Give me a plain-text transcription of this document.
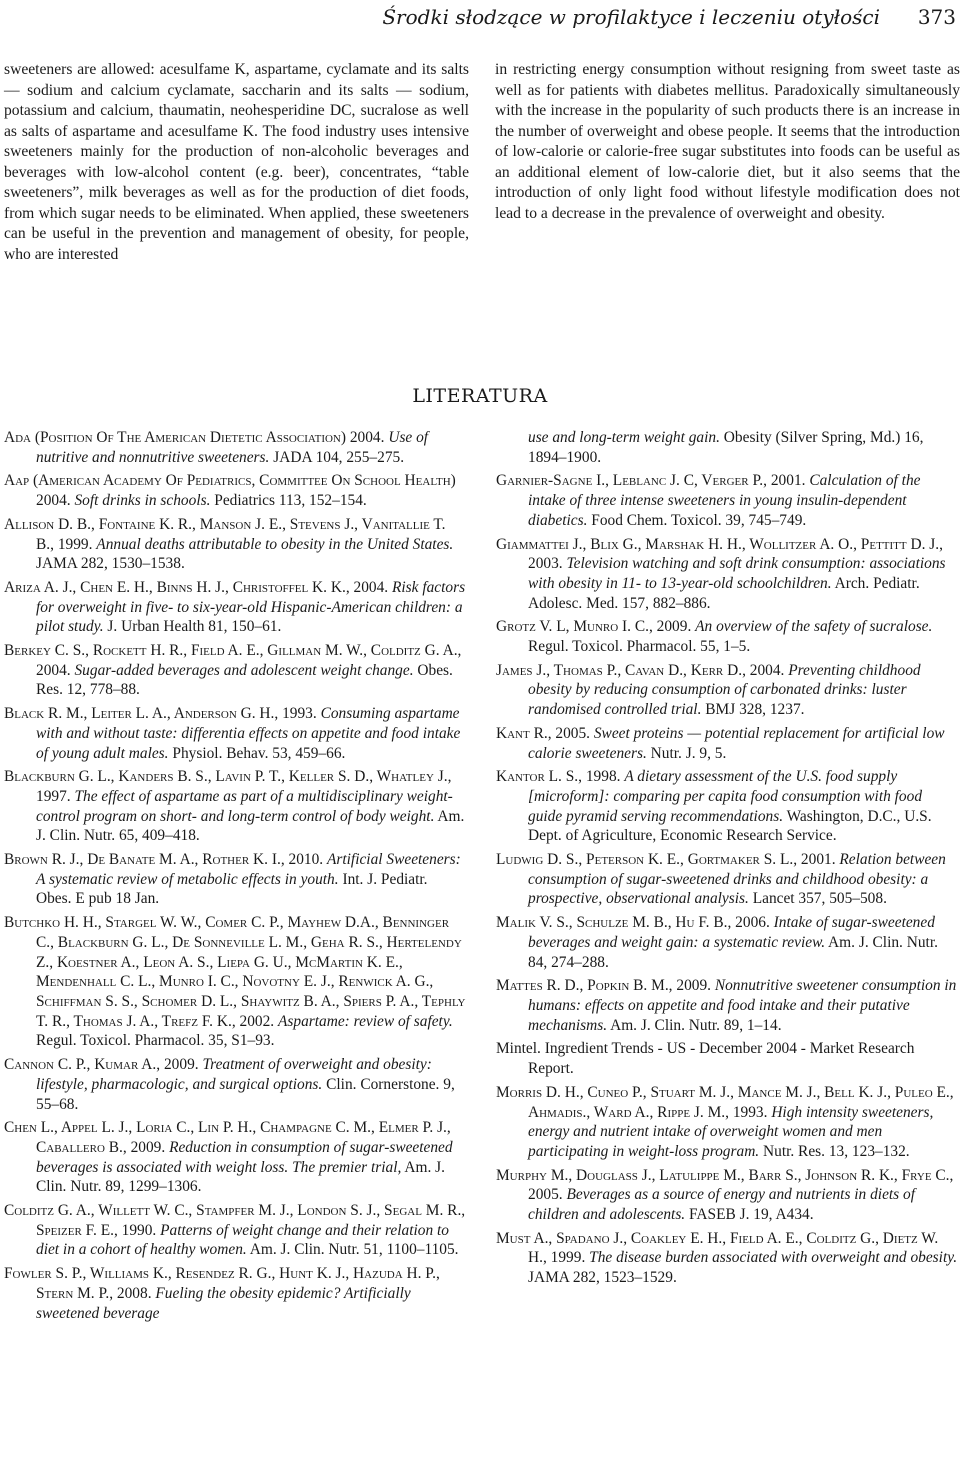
Środki słodzące w profilaktyce i leczeniu otyłości 373

sweeteners are allowed: acesulfame K, aspartame, cyclamate and its salts — sodium and calcium cyclamate, saccharin and its salts — sodium, potassium and calcium, thaumatin, neohesperidine DC, sucralose as well as salts of aspartame and acesulfame K. The food industry uses intensive sweeteners mainly for the production of non-alcoholic beverages and beverages with low-alcohol content (e.g. beer), concentrates, “table sweeteners”, milk beverages as well as for the production of diet foods, from which sugar needs to be eliminated. When applied, these sweeteners can be useful in the prevention and management of obesity, for people, who are interested

in restricting energy consumption without resigning from sweet taste as well as for patients with diabetes mellitus. Paradoxically simultaneously with the increase in the popularity of such products there is an increase in the number of overweight and obese people. It seems that the introduction of low-calorie or calorie-free sugar substitutes into foods can be useful as an additional element of low-calorie diet, but it also seems that the introduction of only light food without lifestyle modification does not lead to a decrease in the prevalence of overweight and obesity.

LITERATURA

Ada (Position Of The American Dietetic Association) 2004. Use of nutritive and nonnutritive sweeteners. JADA 104, 255–275.

Aap (American Academy Of Pediatrics, Committee On School Health) 2004. Soft drinks in schools. Pediatrics 113, 152–154.

Allison D. B., Fontaine K. R., Manson J. E., Stevens J., Vanitallie T. B., 1999. Annual deaths attributable to obesity in the United States. JAMA 282, 1530–1538.

Ariza A. J., Chen E. H., Binns H. J., Christoffel K. K., 2004. Risk factors for overweight in five- to six-year-old Hispanic-American children: a pilot study. J. Urban Health 81, 150–61.

Berkey C. S., Rockett H. R., Field A. E., Gillman M. W., Colditz G. A., 2004. Sugar-added beverages and adolescent weight change. Obes. Res. 12, 778–88.

Black R. M., Leiter L. A., Anderson G. H., 1993. Consuming aspartame with and without taste: differentia effects on appetite and food intake of young adult males. Physiol. Behav. 53, 459–66.

Blackburn G. L., Kanders B. S., Lavin P. T., Keller S. D., Whatley J., 1997. The effect of aspartame as part of a multidisciplinary weight-control program on short- and long-term control of body weight. Am. J. Clin. Nutr. 65, 409–418.

Brown R. J., De Banate M. A., Rother K. I., 2010. Artificial Sweeteners: A systematic review of metabolic effects in youth. Int. J. Pediatr. Obes. E pub 18 Jan.

Butchko H. H., Stargel W. W., Comer C. P., Mayhew D.A., Benninger C., Blackburn G. L., De Sonneville L. M., Geha R. S., Hertelendy Z., Koestner A., Leon A. S., Liepa G. U., McMartin K. E., Mendenhall C. L., Munro I. C., Novotny E. J., Renwick A. G., Schiffman S. S., Schomer D. L., Shaywitz B. A., Spiers P. A., Tephly T. R., Thomas J. A., Trefz F. K., 2002. Aspartame: review of safety. Regul. Toxicol. Pharmacol. 35, S1–93.

Cannon C. P., Kumar A., 2009. Treatment of overweight and obesity: lifestyle, pharmacologic, and surgical options. Clin. Cornerstone. 9, 55–68.

Chen L., Appel L. J., Loria C., Lin P. H., Champagne C. M., Elmer P. J., Caballero B., 2009. Reduction in consumption of sugar-sweetened beverages is associated with weight loss. The premier trial, Am. J. Clin. Nutr. 89, 1299–1306.

Colditz G. A., Willett W. C., Stampfer M. J., London S. J., Segal M. R., Speizer F. E., 1990. Patterns of weight change and their relation to diet in a cohort of healthy women. Am. J. Clin. Nutr. 51, 1100–1105.

Fowler S. P., Williams K., Resendez R. G., Hunt K. J., Hazuda H. P., Stern M. P., 2008. Fueling the obesity epidemic? Artificially sweetened beverage

use and long-term weight gain. Obesity (Silver Spring, Md.) 16, 1894–1900.

Garnier-Sagne I., Leblanc J. C, Verger P., 2001. Calculation of the intake of three intense sweeteners in young insulin-dependent diabetics. Food Chem. Toxicol. 39, 745–749.

Giammattei J., Blix G., Marshak H. H., Wollitzer A. O., Pettitt D. J., 2003. Television watching and soft drink consumption: associations with obesity in 11- to 13-year-old schoolchildren. Arch. Pediatr. Adolesc. Med. 157, 882–886.

Grotz V. L, Munro I. C., 2009. An overview of the safety of sucralose. Regul. Toxicol. Pharmacol. 55, 1–5.

James J., Thomas P., Cavan D., Kerr D., 2004. Preventing childhood obesity by reducing consumption of carbonated drinks: luster randomised controlled trial. BMJ 328, 1237.

Kant R., 2005. Sweet proteins — potential replacement for artificial low calorie sweeteners. Nutr. J. 9, 5.

Kantor L. S., 1998. A dietary assessment of the U.S. food supply [microform]: comparing per capita food consumption with food guide pyramid serving recommendations. Washington, D.C., U.S. Dept. of Agriculture, Economic Research Service.

Ludwig D. S., Peterson K. E., Gortmaker S. L., 2001. Relation between consumption of sugar-sweetened drinks and childhood obesity: a prospective, observational analysis. Lancet 357, 505–508.

Malik V. S., Schulze M. B., Hu F. B., 2006. Intake of sugar-sweetened beverages and weight gain: a systematic review. Am. J. Clin. Nutr. 84, 274–288.

Mattes R. D., Popkin B. M., 2009. Nonnutritive sweetener consumption in humans: effects on appetite and food intake and their putative mechanisms. Am. J. Clin. Nutr. 89, 1–14.

Mintel. Ingredient Trends - US - December 2004 - Market Research Report.

Morris D. H., Cuneo P., Stuart M. J., Mance M. J., Bell K. J., Puleo E., Ahmadis., Ward A., Rippe J. M., 1993. High intensity sweeteners, energy and nutrient intake of overweight women and men participating in weight-loss program. Nutr. Res. 13, 123–132.

Murphy M., Douglass J., Latulippe M., Barr S., Johnson R. K., Frye C., 2005. Beverages as a source of energy and nutrients in diets of children and adolescents. FASEB J. 19, A434.

Must A., Spadano J., Coakley E. H., Field A. E., Colditz G., Dietz W. H., 1999. The disease burden associated with overweight and obesity. JAMA 282, 1523–1529.
